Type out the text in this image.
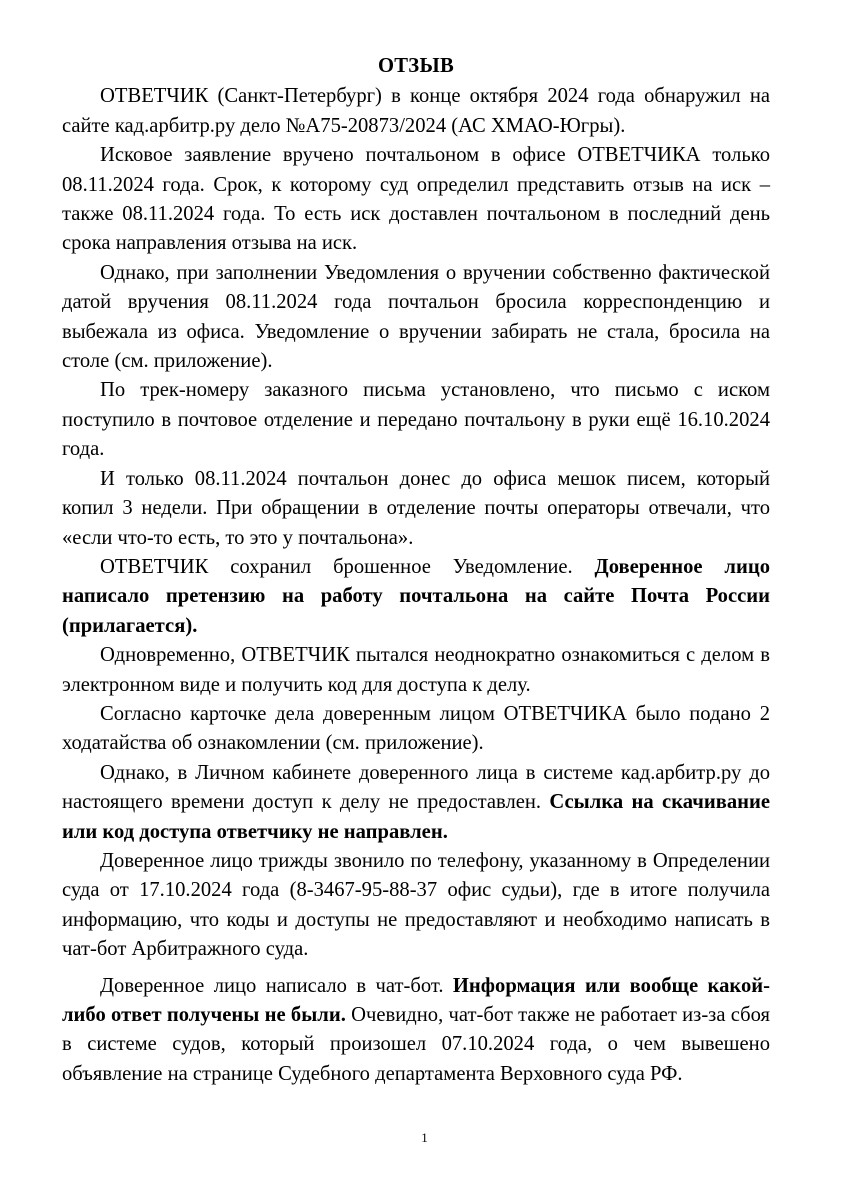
ОТЗЫВ

ОТВЕТЧИК (Санкт-Петербург) в конце октября 2024 года обнаружил на сайте кад.арбитр.ру дело №А75-20873/2024 (АС ХМАО-Югры).

Исковое заявление вручено почтальоном в офисе ОТВЕТЧИКА только 08.11.2024 года. Срок, к которому суд определил представить отзыв на иск – также 08.11.2024 года. То есть иск доставлен почтальоном в последний день срока направления отзыва на иск.

Однако, при заполнении Уведомления о вручении собственно фактической датой вручения 08.11.2024 года почтальон бросила корреспонденцию и выбежала из офиса. Уведомление о вручении забирать не стала, бросила на столе (см. приложение).

По трек-номеру заказного письма установлено, что письмо с иском поступило в почтовое отделение и передано почтальону в руки ещё 16.10.2024 года.

И только 08.11.2024 почтальон донес до офиса мешок писем, который копил 3 недели. При обращении в отделение почты операторы отвечали, что «если что-то есть, то это у почтальона».

ОТВЕТЧИК сохранил брошенное Уведомление. Доверенное лицо написало претензию на работу почтальона на сайте Почта России (прилагается).

Одновременно, ОТВЕТЧИК пытался неоднократно ознакомиться с делом в электронном виде и получить код для доступа к делу.

Согласно карточке дела доверенным лицом ОТВЕТЧИКА было подано 2 ходатайства об ознакомлении (см. приложение).

Однако, в Личном кабинете доверенного лица в системе кад.арбитр.ру до настоящего времени доступ к делу не предоставлен. Ссылка на скачивание или код доступа ответчику не направлен.

Доверенное лицо трижды звонило по телефону, указанному в Определении суда от 17.10.2024 года (8-3467-95-88-37 офис судьи), где в итоге получила информацию, что коды и доступы не предоставляют и необходимо написать в чат-бот Арбитражного суда.

Доверенное лицо написало в чат-бот. Информация или вообще какой-либо ответ получены не были. Очевидно, чат-бот также не работает из-за сбоя в системе судов, который произошел 07.10.2024 года, о чем вывешено объявление на странице Судебного департамента Верховного суда РФ.

1
